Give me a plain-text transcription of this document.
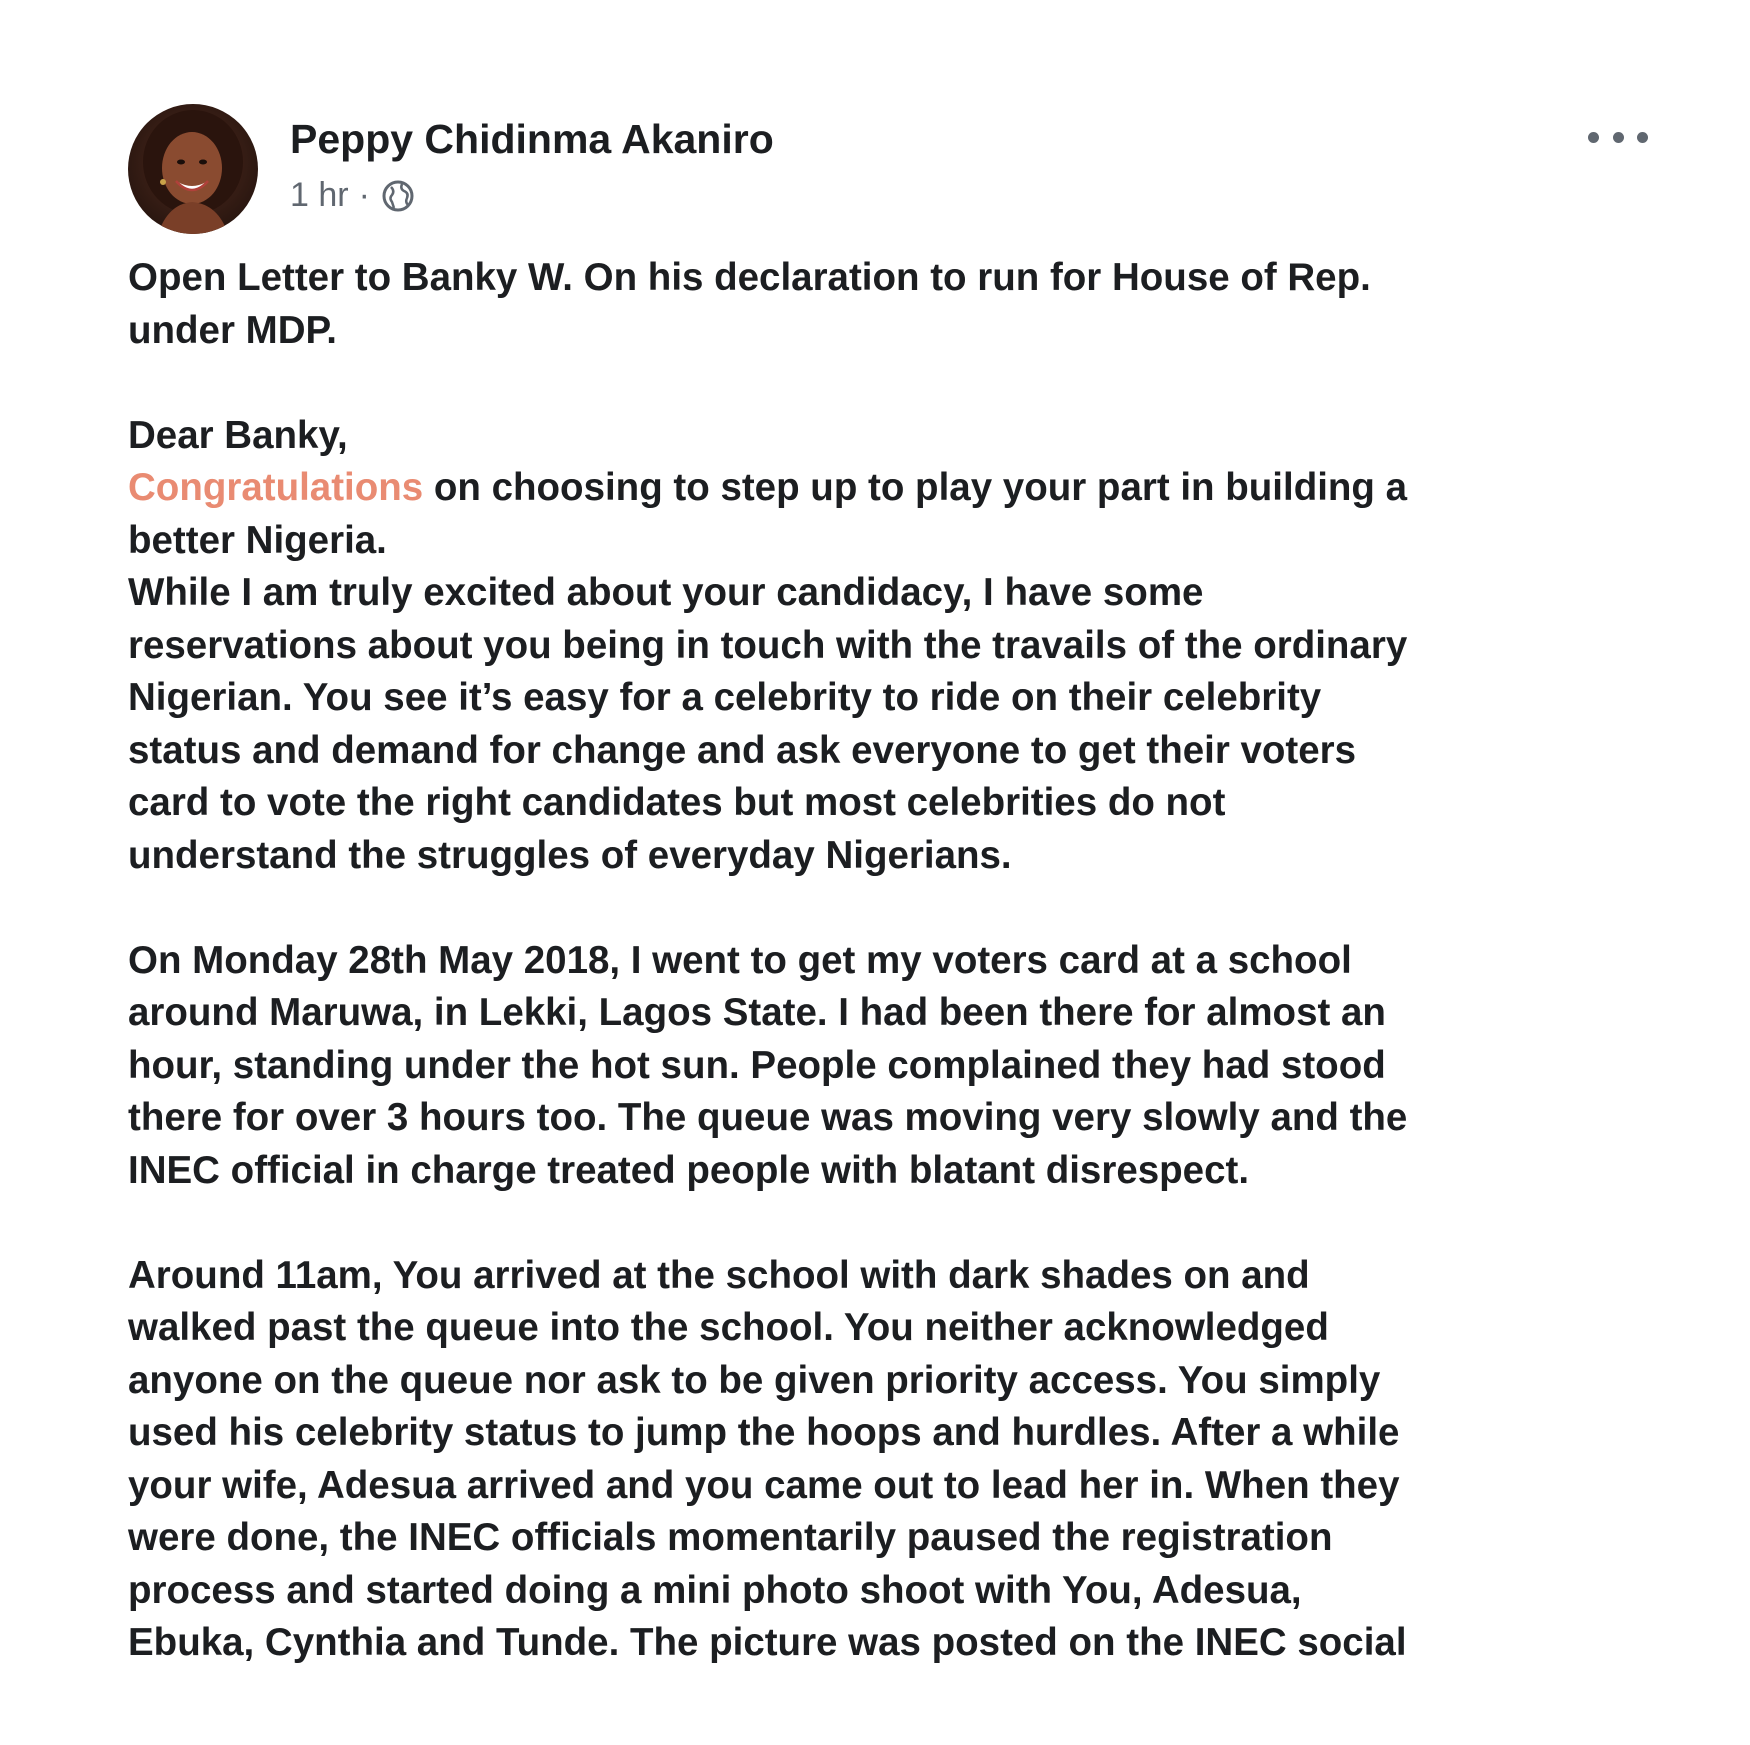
Peppy Chidinma Akaniro
1 hr ·

Open Letter to Banky W. On his declaration to run for House of Rep.

under MDP.

Dear Banky,

Congratulations on choosing to step up to play your part in building a

better Nigeria.

While I am truly excited about your candidacy, I have some

reservations about you being in touch with the travails of the ordinary

Nigerian. You see it’s easy for a celebrity to ride on their celebrity

status and demand for change and ask everyone to get their voters

card to vote the right candidates but most celebrities do not

understand the struggles of everyday Nigerians.

On Monday 28th May 2018, I went to get my voters card at a school

around Maruwa, in Lekki, Lagos State. I had been there for almost an

hour, standing under the hot sun. People complained they had stood

there for over 3 hours too. The queue was moving very slowly and the

INEC official in charge treated people with blatant disrespect.

Around 11am, You arrived at the school with dark shades on and

walked past the queue into the school. You neither acknowledged

anyone on the queue nor ask to be given priority access. You simply

used his celebrity status to jump the hoops and hurdles. After a while

your wife, Adesua arrived and you came out to lead her in. When they

were done, the INEC officials momentarily paused the registration

process and started doing a mini photo shoot with You, Adesua,

Ebuka, Cynthia and Tunde. The picture was posted on the INEC social
